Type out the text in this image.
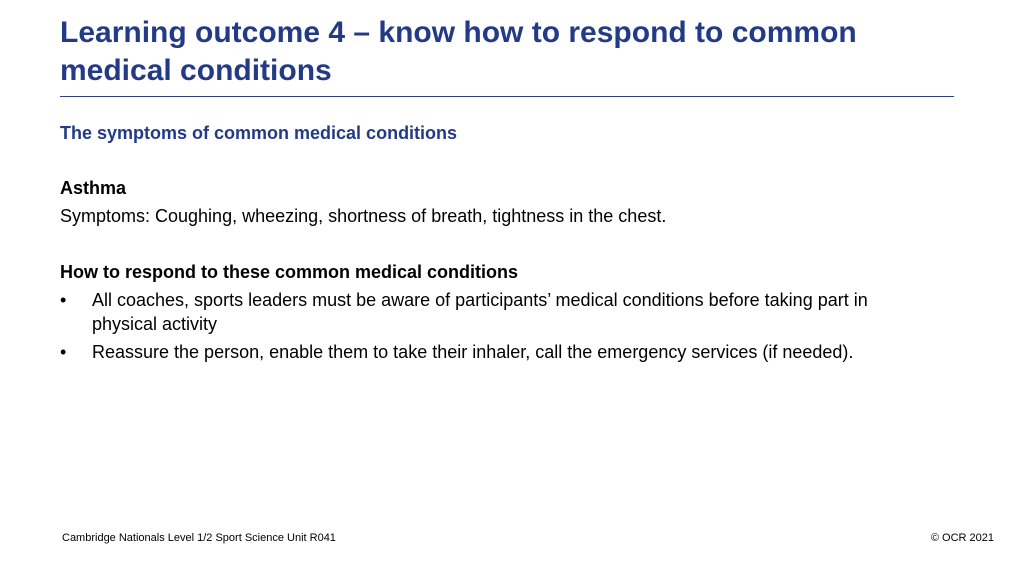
Learning outcome 4 – know how to respond to common medical conditions
The symptoms of common medical conditions
Asthma
Symptoms: Coughing, wheezing, shortness of breath, tightness in the chest.
How to respond to these common medical conditions
•	All coaches, sports leaders must be aware of participants’ medical conditions before taking part in physical activity
•	Reassure the person, enable them to take their inhaler, call the emergency services (if needed).
Cambridge Nationals Level 1/2 Sport Science Unit R041	© OCR 2021
